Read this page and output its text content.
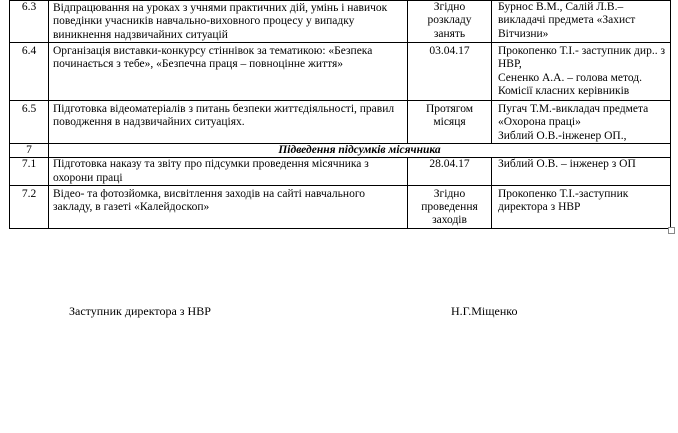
6.3	Відпрацювання на уроках з учнями практичних дій, умінь і навичок поведінки учасників навчально-виховного процесу у випадку виникнення надзвичайних ситуацій	Згідно розкладу занять	Бурнос В.М., Салій Л.В.– викладачі предмета «Захист Вітчизни»
6.4	Організація виставки-конкурсу стіннівок за тематикою: «Безпека починається з тебе», «Безпечна праця – повноцінне життя»	03.04.17	Прокопенко Т.І.- заступник дир.. з НВР,
Сененко А.А. – голова метод. Комісії класних керівників
6.5	Підготовка відеоматеріалів з питань безпеки життєдіяльності, правил поводження в надзвичайних ситуаціях.	Протягом місяця	Пугач Т.М.-викладач предмета «Охорона праці»
Зиблий О.В.-інженер ОП.,
7	Підведення підсумків місячника		
7.1	Підготовка наказу та звіту про підсумки проведення місячника з охорони праці	28.04.17	Зиблий О.В. – інженер з ОП
7.2	Відео- та фотозйомка, висвітлення заходів на сайті навчального закладу, в газеті «Калейдоскоп»	Згідно проведення заходів	Прокопенко Т.І.-заступник директора з НВР
Заступник директора з НВР	Н.Г.Міщенко
